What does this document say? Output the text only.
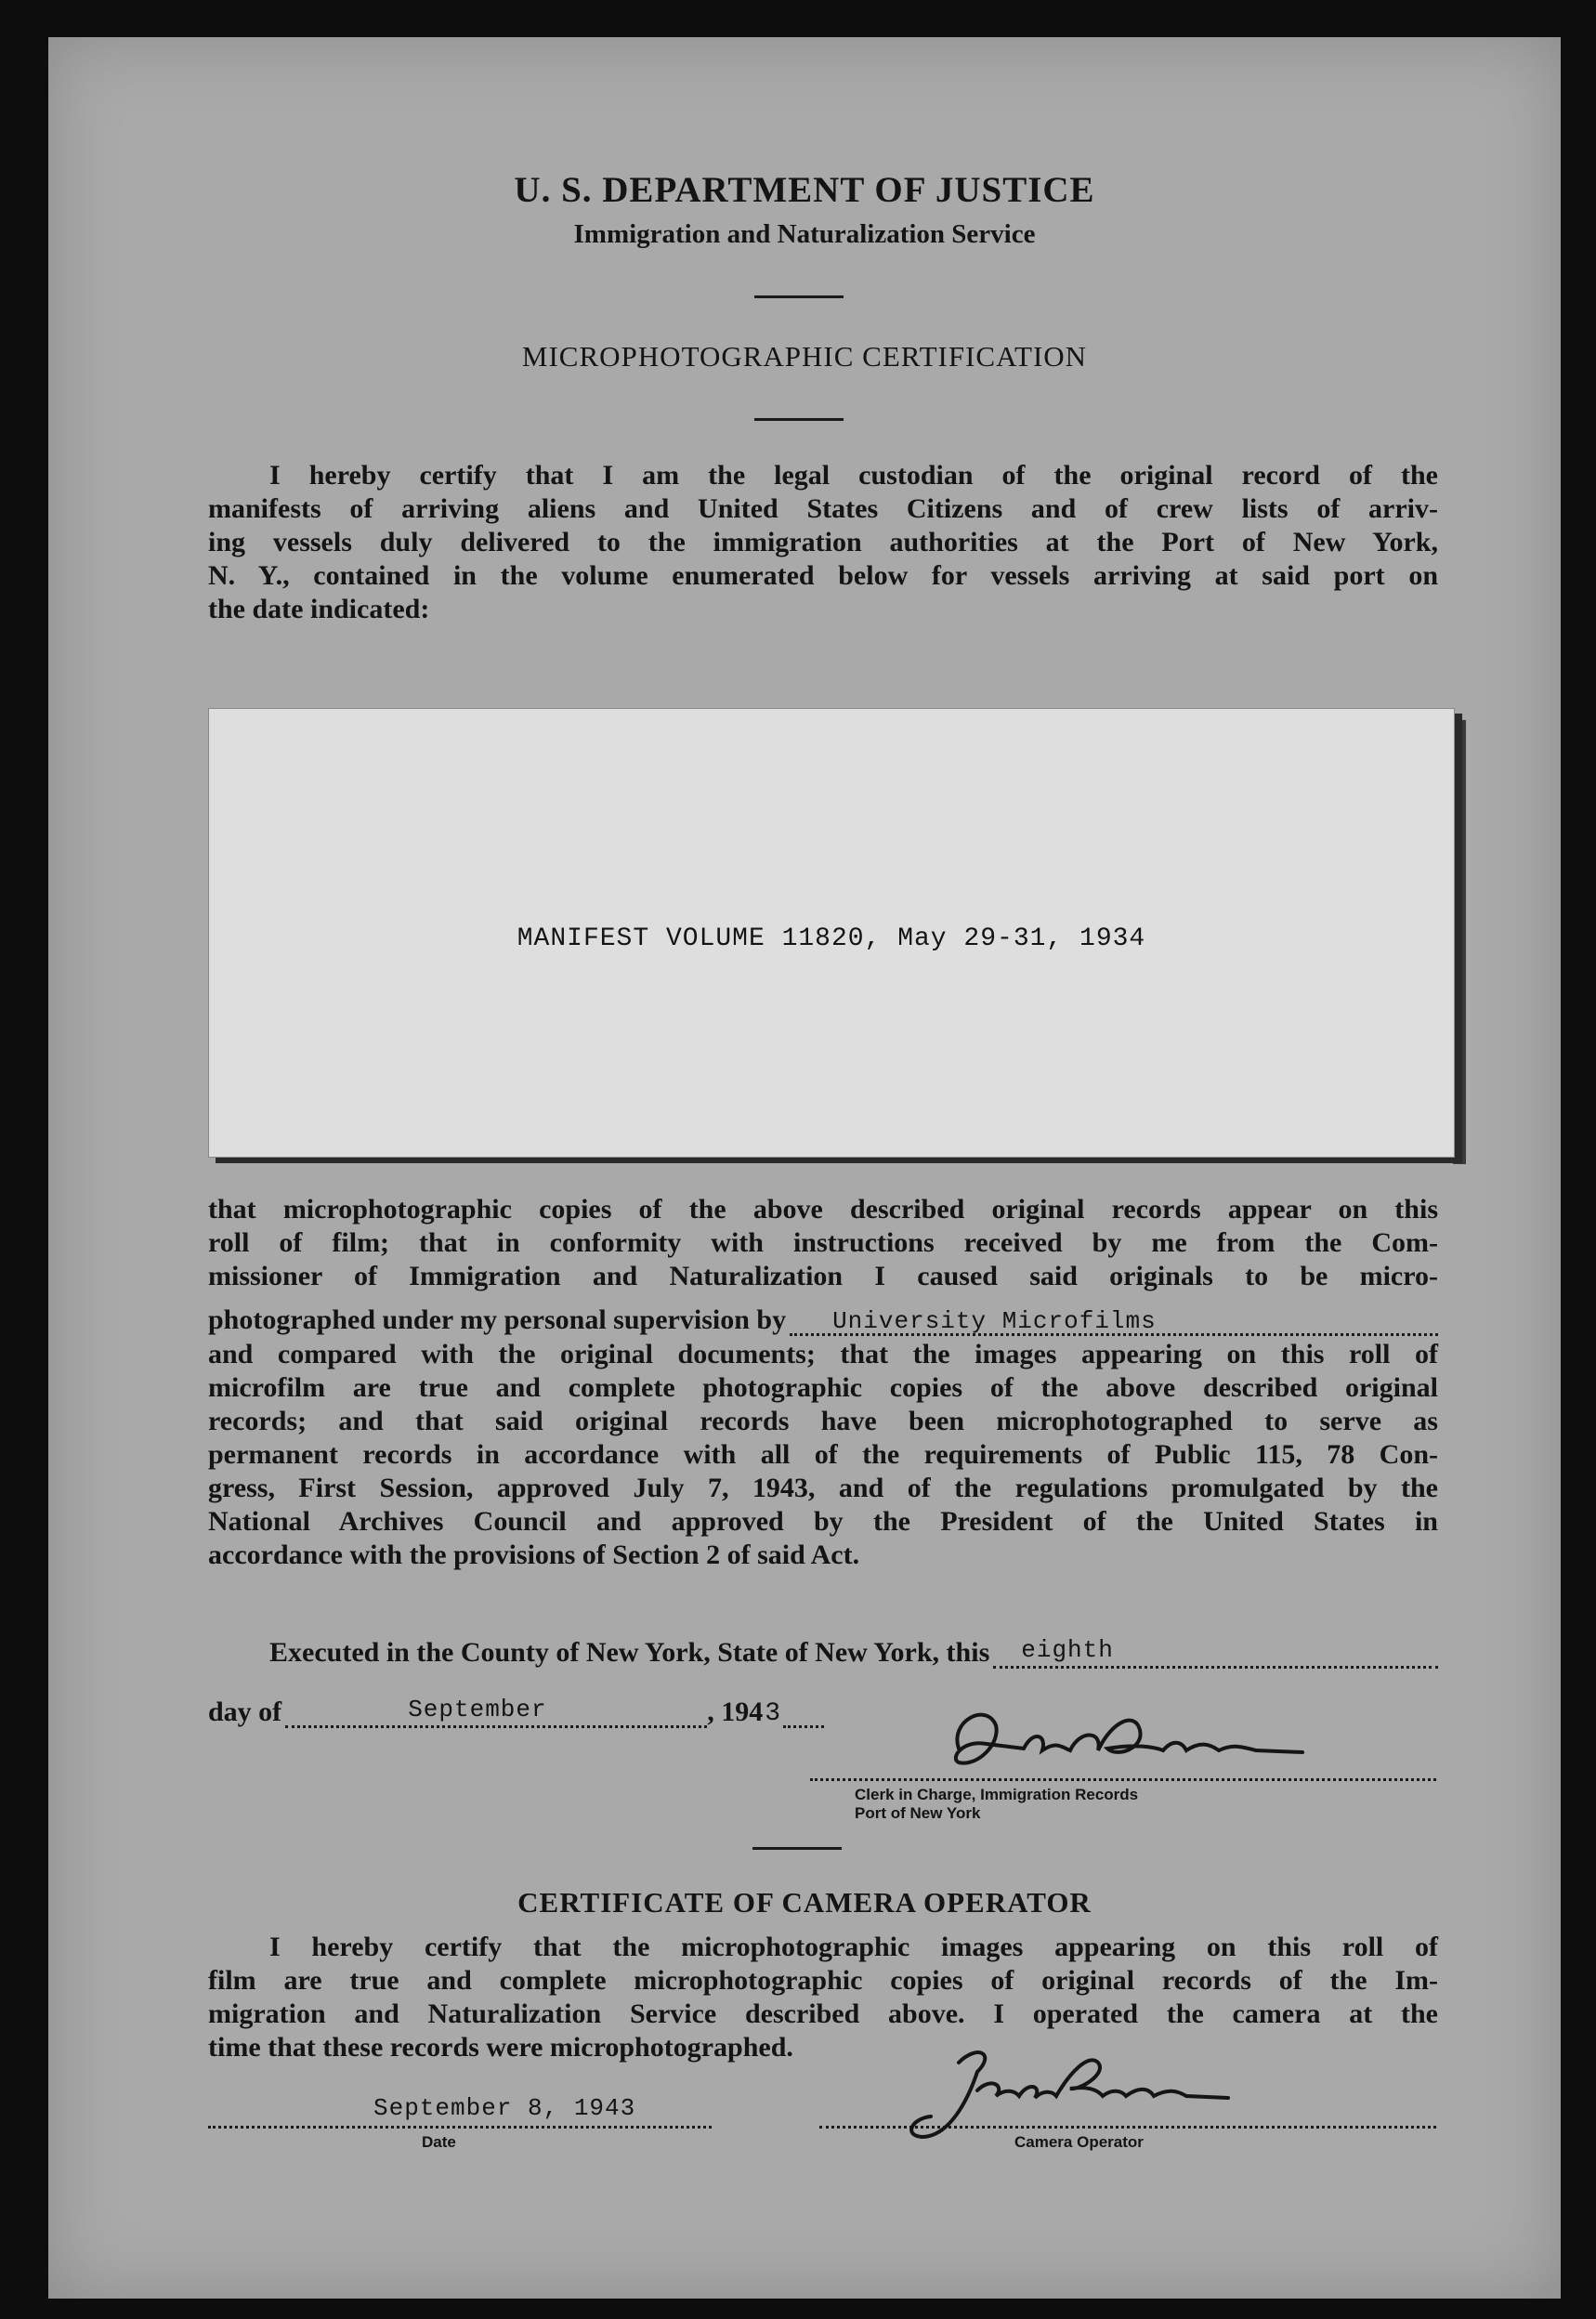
U. S. DEPARTMENT OF JUSTICE
Immigration and Naturalization Service
MICROPHOTOGRAPHIC CERTIFICATION
I hereby certify that I am the legal custodian of the original record of the
manifests of arriving aliens and United States Citizens and of crew lists of arriv-
ing vessels duly delivered to the immigration authorities at the Port of New York,
N. Y., contained in the volume enumerated below for vessels arriving at said port on
the date indicated:
MANIFEST VOLUME 11820, May 29-31, 1934
that microphotographic copies of the above described original records appear on this
roll of film; that in conformity with instructions received by me from the Com-
missioner of Immigration and Naturalization I caused said originals to be micro-
photographed under my personal supervision by University Microfilms
and compared with the original documents; that the images appearing on this roll of
microfilm are true and complete photographic copies of the above described original
records; and that said original records have been microphotographed to serve as
permanent records in accordance with all of the requirements of Public 115, 78 Con-
gress, First Session, approved July 7, 1943, and of the regulations promulgated by the
National Archives Council and approved by the President of the United States in
accordance with the provisions of Section 2 of said Act.
Executed in the County of New York, State of New York, this eighth
day of	September	, 194 3
Clerk in Charge, Immigration Records
Port of New York
CERTIFICATE OF CAMERA OPERATOR
I hereby certify that the microphotographic images appearing on this roll of
film are true and complete microphotographic copies of original records of the Im-
migration and Naturalization Service described above. I operated the camera at the
time that these records were microphotographed.
September 8, 1943
Date	Camera Operator
